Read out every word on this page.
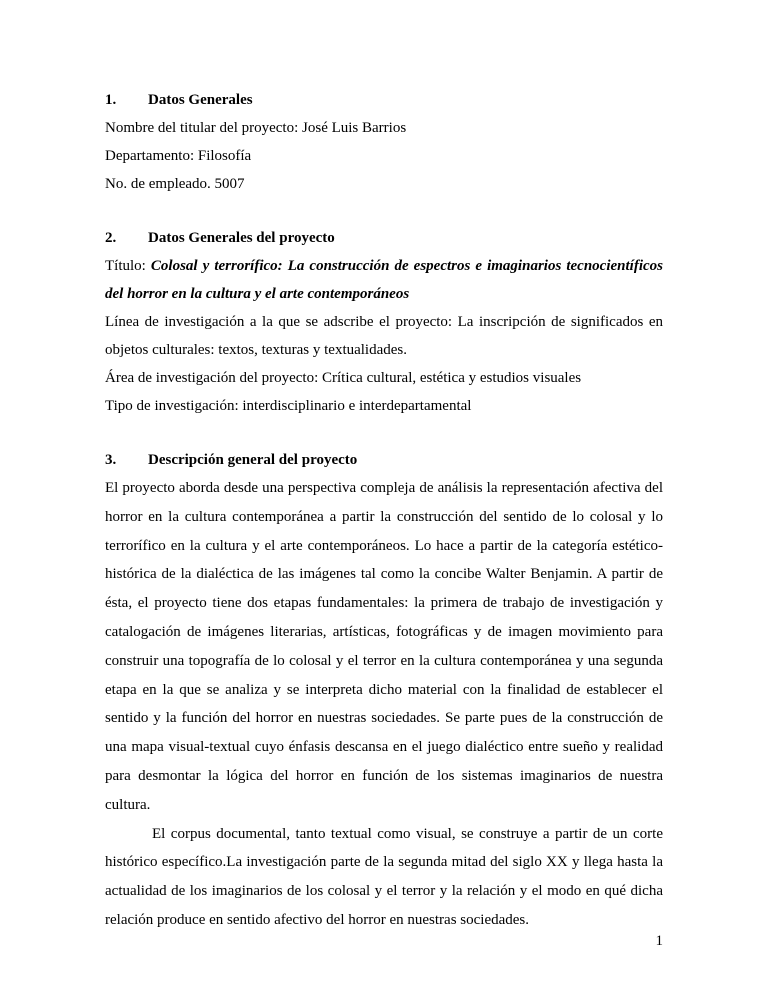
1. Datos Generales

Nombre del titular del proyecto: José Luis Barrios

Departamento: Filosofía

No. de empleado. 5007

2. Datos Generales del proyecto

Título: Colosal y terrorífico: La construcción de espectros e imaginarios tecnocientíficos del horror en la cultura y el arte contemporáneos

Línea de investigación a la que se adscribe el proyecto: La inscripción de significados en objetos culturales: textos, texturas y textualidades.

Área de investigación del proyecto: Crítica cultural, estética y estudios visuales

Tipo de investigación: interdisciplinario e interdepartamental

3. Descripción general del proyecto

El proyecto aborda desde una perspectiva compleja de análisis la representación afectiva del horror en la cultura contemporánea a partir la construcción del sentido de lo colosal y lo terrorífico en la cultura y el arte contemporáneos. Lo hace a partir de la categoría estético-histórica de la dialéctica de las imágenes tal como la concibe Walter Benjamin. A partir de ésta, el proyecto tiene dos etapas fundamentales: la primera de trabajo de investigación y catalogación de imágenes literarias, artísticas, fotográficas y de imagen movimiento para construir una topografía de lo colosal y el terror en la cultura contemporánea y una segunda etapa en la que se analiza y se interpreta dicho material con la finalidad de establecer el sentido y la función del horror en nuestras sociedades. Se parte pues de la construcción de una mapa visual-textual cuyo énfasis descansa en el juego dialéctico entre sueño y realidad para desmontar la lógica del horror en función de los sistemas imaginarios de nuestra cultura.

El corpus documental, tanto textual como visual, se construye a partir de un corte histórico específico.La investigación parte de la segunda mitad del siglo XX y llega hasta la actualidad de los imaginarios de los colosal y el terror y la relación y el modo en qué dicha relación produce en sentido afectivo del horror en nuestras sociedades.

1
